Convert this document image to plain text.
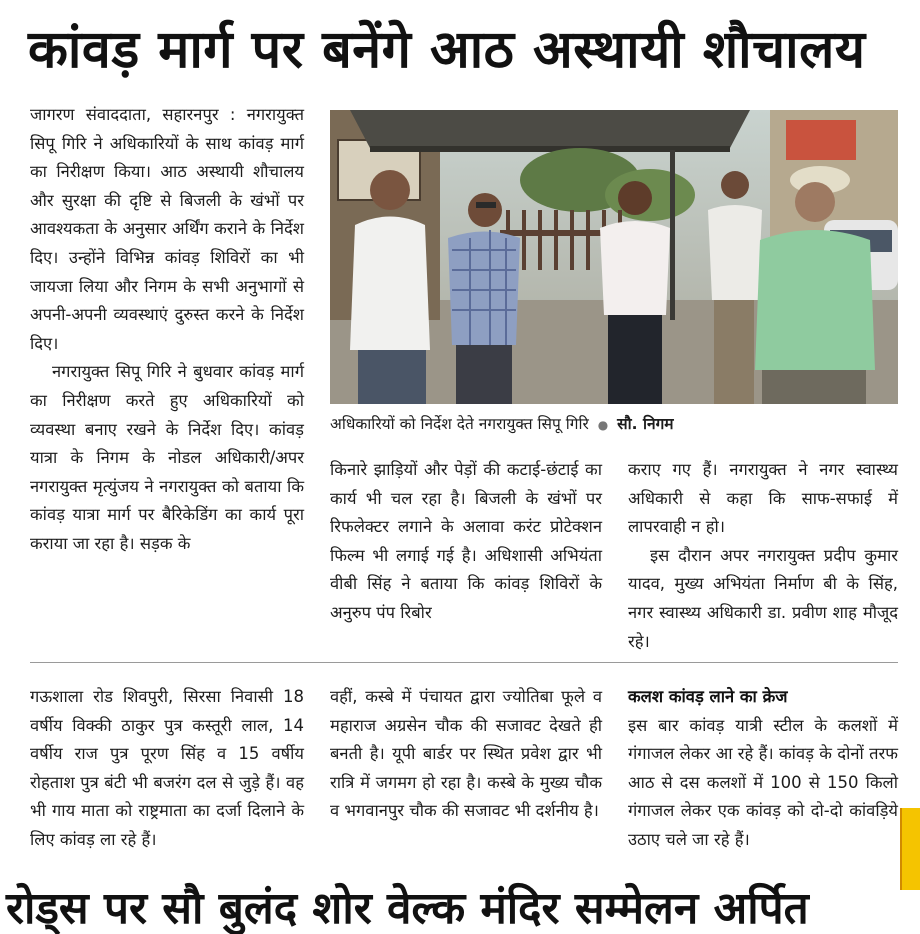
कांवड़ मार्ग पर बनेंगे आठ अस्थायी शौचालय

जागरण संवाददाता, सहारनपुर : नगरायुक्त सिपू गिरि ने अधिकारियों के साथ कांवड़ मार्ग का निरीक्षण किया। आठ अस्थायी शौचालय और सुरक्षा की दृष्टि से बिजली के खंभों पर आवश्यकता के अनुसार अर्थिंग कराने के निर्देश दिए। उन्होंने विभिन्न कांवड़ शिविरों का भी जायजा लिया और निगम के सभी अनुभागों से अपनी-अपनी व्यवस्थाएं दुरुस्त करने के निर्देश दिए।

नगरायुक्त सिपू गिरि ने बुधवार कांवड़ मार्ग का निरीक्षण करते हुए अधिकारियों को व्यवस्था बनाए रखने के निर्देश दिए। कांवड़ यात्रा के निगम के नोडल अधिकारी/अपर नगरायुक्त मृत्युंजय ने नगरायुक्त को बताया कि कांवड़ यात्रा मार्ग पर बैरिकेडिंग का कार्य पूरा कराया जा रहा है। सड़क के

अधिकारियों को निर्देश देते नगरायुक्त सिपू गिरि ● सौ. निगम

किनारे झाड़ियों और पेड़ों की कटाई-छंटाई का कार्य भी चल रहा है। बिजली के खंभों पर रिफलेक्टर लगाने के अलावा करंट प्रोटेक्शन फिल्म भी लगाई गई है। अधिशासी अभियंता वीबी सिंह ने बताया कि कांवड़ शिविरों के अनुरुप पंप रिबोर

कराए गए हैं। नगरायुक्त ने नगर स्वास्थ्य अधिकारी से कहा कि साफ-सफाई में लापरवाही न हो।

इस दौरान अपर नगरायुक्त प्रदीप कुमार यादव, मुख्य अभियंता निर्माण बी के सिंह, नगर स्वास्थ्य अधिकारी डा. प्रवीण शाह मौजूद रहे।

गऊशाला रोड शिवपुरी, सिरसा निवासी 18 वर्षीय विक्की ठाकुर पुत्र कस्तूरी लाल, 14 वर्षीय राज पुत्र पूरण सिंह व 15 वर्षीय रोहताश पुत्र बंटी भी बजरंग दल से जुड़े हैं। वह भी गाय माता को राष्ट्रमाता का दर्जा दिलाने के लिए कांवड़ ला रहे हैं।

वहीं, कस्बे में पंचायत द्वारा ज्योतिबा फूले व महाराज अग्रसेन चौक की सजावट देखते ही बनती है। यूपी बार्डर पर स्थित प्रवेश द्वार भी रात्रि में जगमग हो रहा है। कस्बे के मुख्य चौक व भगवानपुर चौक की सजावट भी दर्शनीय है।

कलश कांवड़ लाने का क्रेज

इस बार कांवड़ यात्री स्टील के कलशों में गंगाजल लेकर आ रहे हैं। कांवड़ के दोनों तरफ आठ से दस कलशों में 100 से 150 किलो गंगाजल लेकर एक कांवड़ को दो-दो कांवड़िये उठाए चले जा रहे हैं।

रोड्स पर सौ बुलंद शोर वेल्क मंदिर सम्मेलन अर्पित
